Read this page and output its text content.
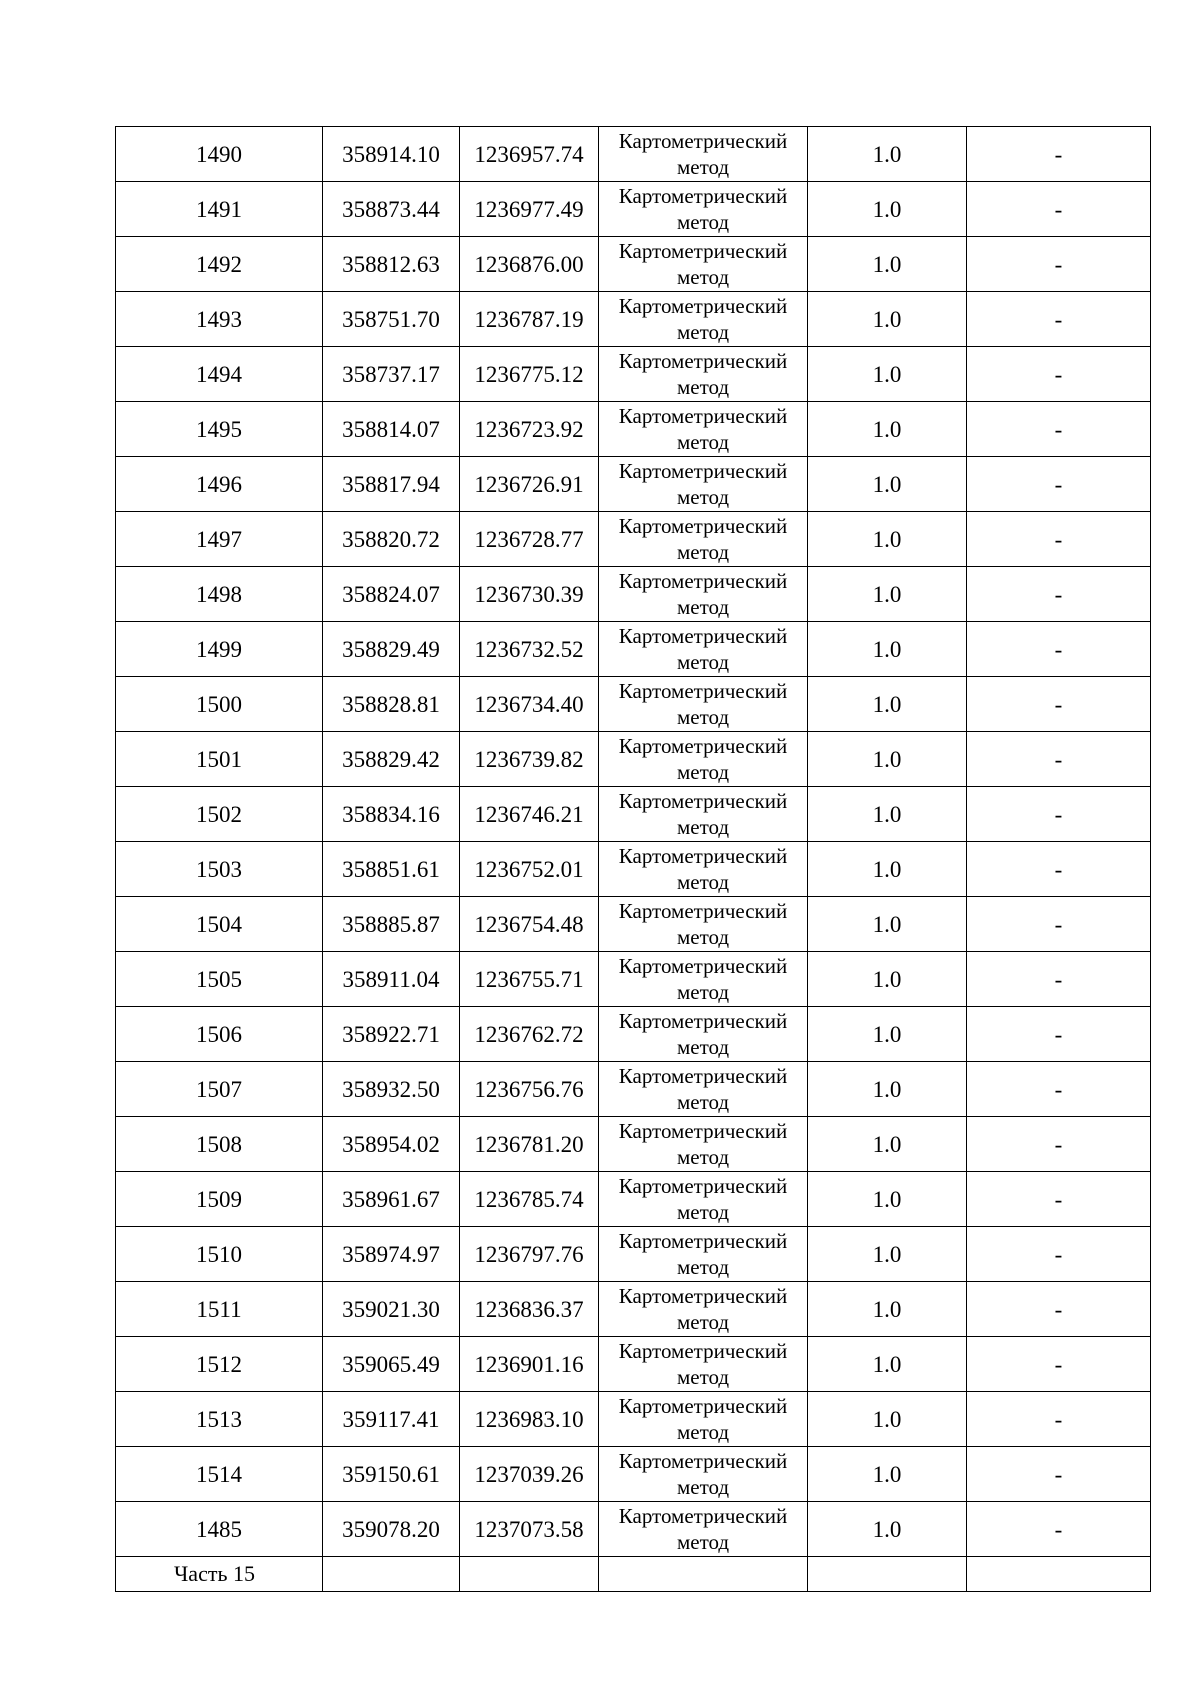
1490	358914.10	1236957.74	Картометрический метод	1.0	-
1491	358873.44	1236977.49	Картометрический метод	1.0	-
1492	358812.63	1236876.00	Картометрический метод	1.0	-
1493	358751.70	1236787.19	Картометрический метод	1.0	-
1494	358737.17	1236775.12	Картометрический метод	1.0	-
1495	358814.07	1236723.92	Картометрический метод	1.0	-
1496	358817.94	1236726.91	Картометрический метод	1.0	-
1497	358820.72	1236728.77	Картометрический метод	1.0	-
1498	358824.07	1236730.39	Картометрический метод	1.0	-
1499	358829.49	1236732.52	Картометрический метод	1.0	-
1500	358828.81	1236734.40	Картометрический метод	1.0	-
1501	358829.42	1236739.82	Картометрический метод	1.0	-
1502	358834.16	1236746.21	Картометрический метод	1.0	-
1503	358851.61	1236752.01	Картометрический метод	1.0	-
1504	358885.87	1236754.48	Картометрический метод	1.0	-
1505	358911.04	1236755.71	Картометрический метод	1.0	-
1506	358922.71	1236762.72	Картометрический метод	1.0	-
1507	358932.50	1236756.76	Картометрический метод	1.0	-
1508	358954.02	1236781.20	Картометрический метод	1.0	-
1509	358961.67	1236785.74	Картометрический метод	1.0	-
1510	358974.97	1236797.76	Картометрический метод	1.0	-
1511	359021.30	1236836.37	Картометрический метод	1.0	-
1512	359065.49	1236901.16	Картометрический метод	1.0	-
1513	359117.41	1236983.10	Картометрический метод	1.0	-
1514	359150.61	1237039.26	Картометрический метод	1.0	-
1485	359078.20	1237073.58	Картометрический метод	1.0	-
Часть 15					
